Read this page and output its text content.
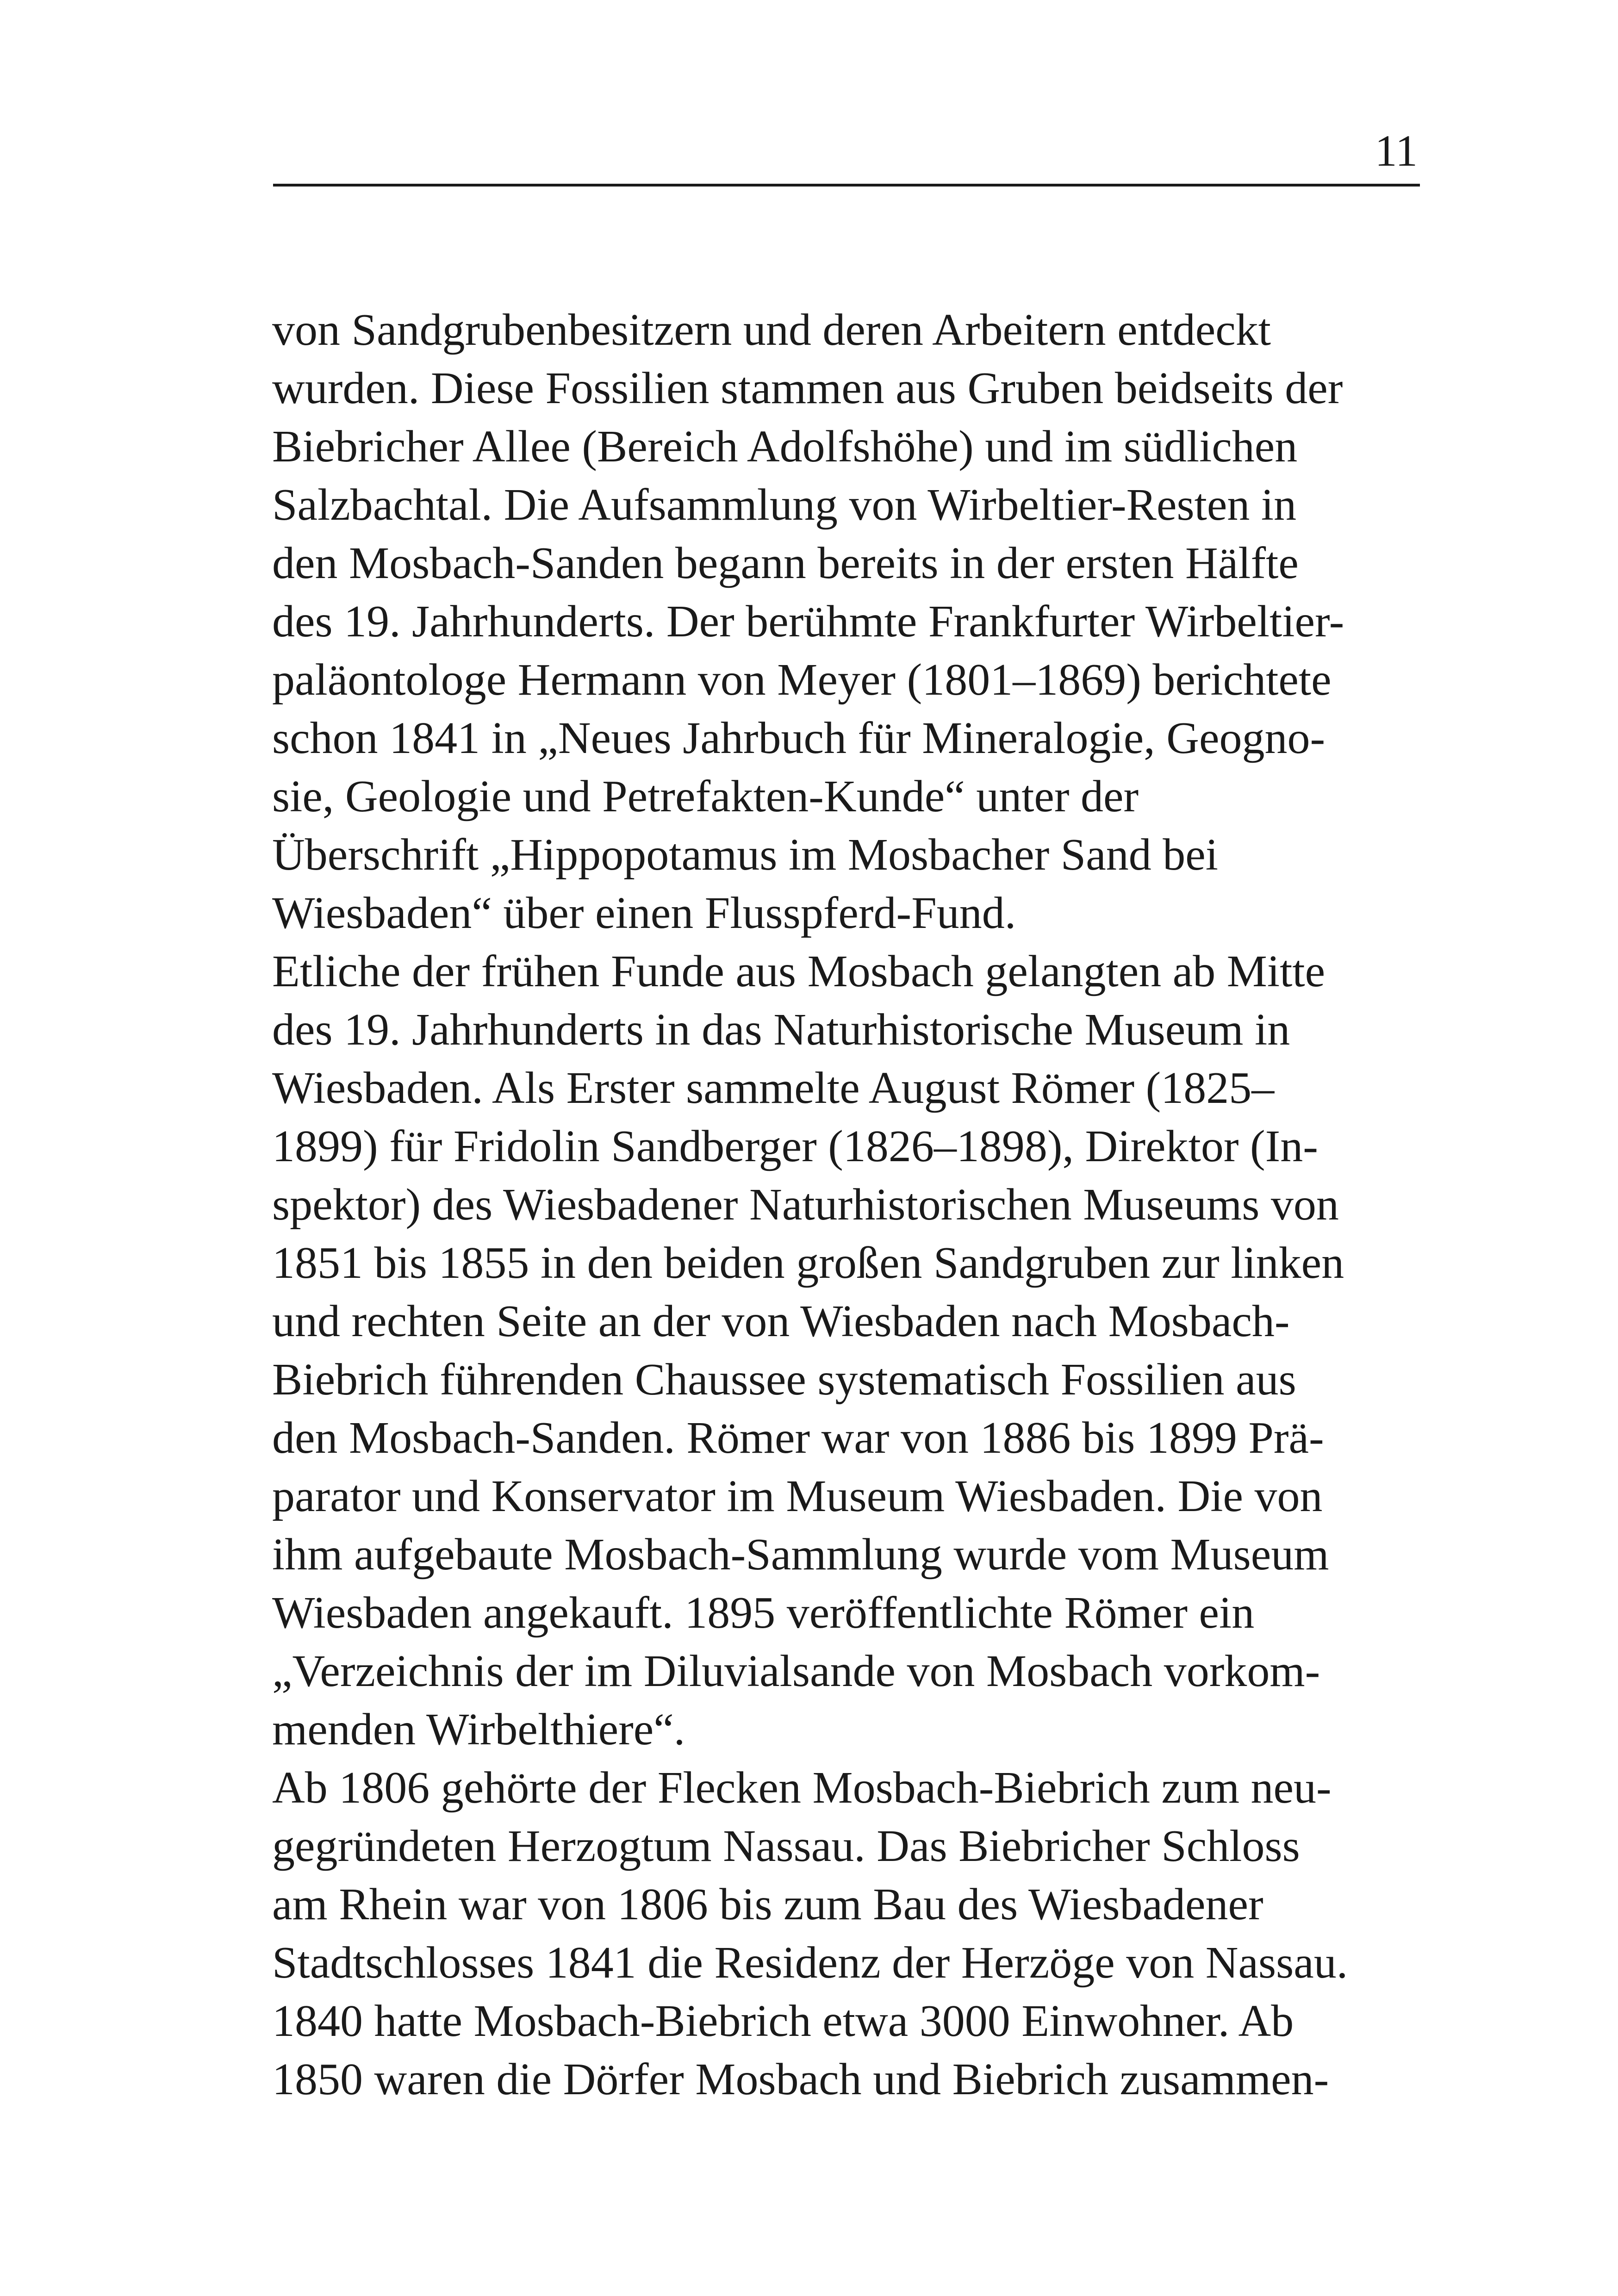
11
von Sandgrubenbesitzern und deren Arbeitern entdeckt
wurden. Diese Fossilien stammen aus Gruben beidseits der
Biebricher Allee (Bereich Adolfshöhe) und im südlichen
Salzbachtal. Die Aufsammlung von Wirbeltier-Resten in
den Mosbach-Sanden begann bereits in der ersten Hälfte
des 19. Jahrhunderts. Der berühmte Frankfurter Wirbeltier-
paläontologe Hermann von Meyer (1801–1869) berichtete
schon 1841 in „Neues Jahrbuch für Mineralogie, Geogno-
sie, Geologie und Petrefakten-Kunde“ unter der
Überschrift „Hippopotamus im Mosbacher Sand bei
Wiesbaden“ über einen Flusspferd-Fund.
Etliche der frühen Funde aus Mosbach gelangten ab Mitte
des 19. Jahrhunderts in das Naturhistorische Museum in
Wiesbaden. Als Erster sammelte August Römer (1825–
1899) für Fridolin Sandberger (1826–1898), Direktor (In-
spektor) des Wiesbadener Naturhistorischen Museums von
1851 bis 1855 in den beiden großen Sandgruben zur linken
und rechten Seite an der von Wiesbaden nach Mosbach-
Biebrich führenden Chaussee systematisch Fossilien aus
den Mosbach-Sanden. Römer war von 1886 bis 1899 Prä-
parator und Konservator im Museum Wiesbaden. Die von
ihm aufgebaute Mosbach-Sammlung wurde vom Museum
Wiesbaden angekauft. 1895 veröffentlichte Römer ein
„Verzeichnis der im Diluvialsande von Mosbach vorkom-
menden Wirbelthiere“.
Ab 1806 gehörte der Flecken Mosbach-Biebrich zum neu-
gegründeten Herzogtum Nassau. Das Biebricher Schloss
am Rhein war von 1806 bis zum Bau des Wiesbadener
Stadtschlosses 1841 die Residenz der Herzöge von Nassau.
1840 hatte Mosbach-Biebrich etwa 3000 Einwohner. Ab
1850 waren die Dörfer Mosbach und Biebrich zusammen-
